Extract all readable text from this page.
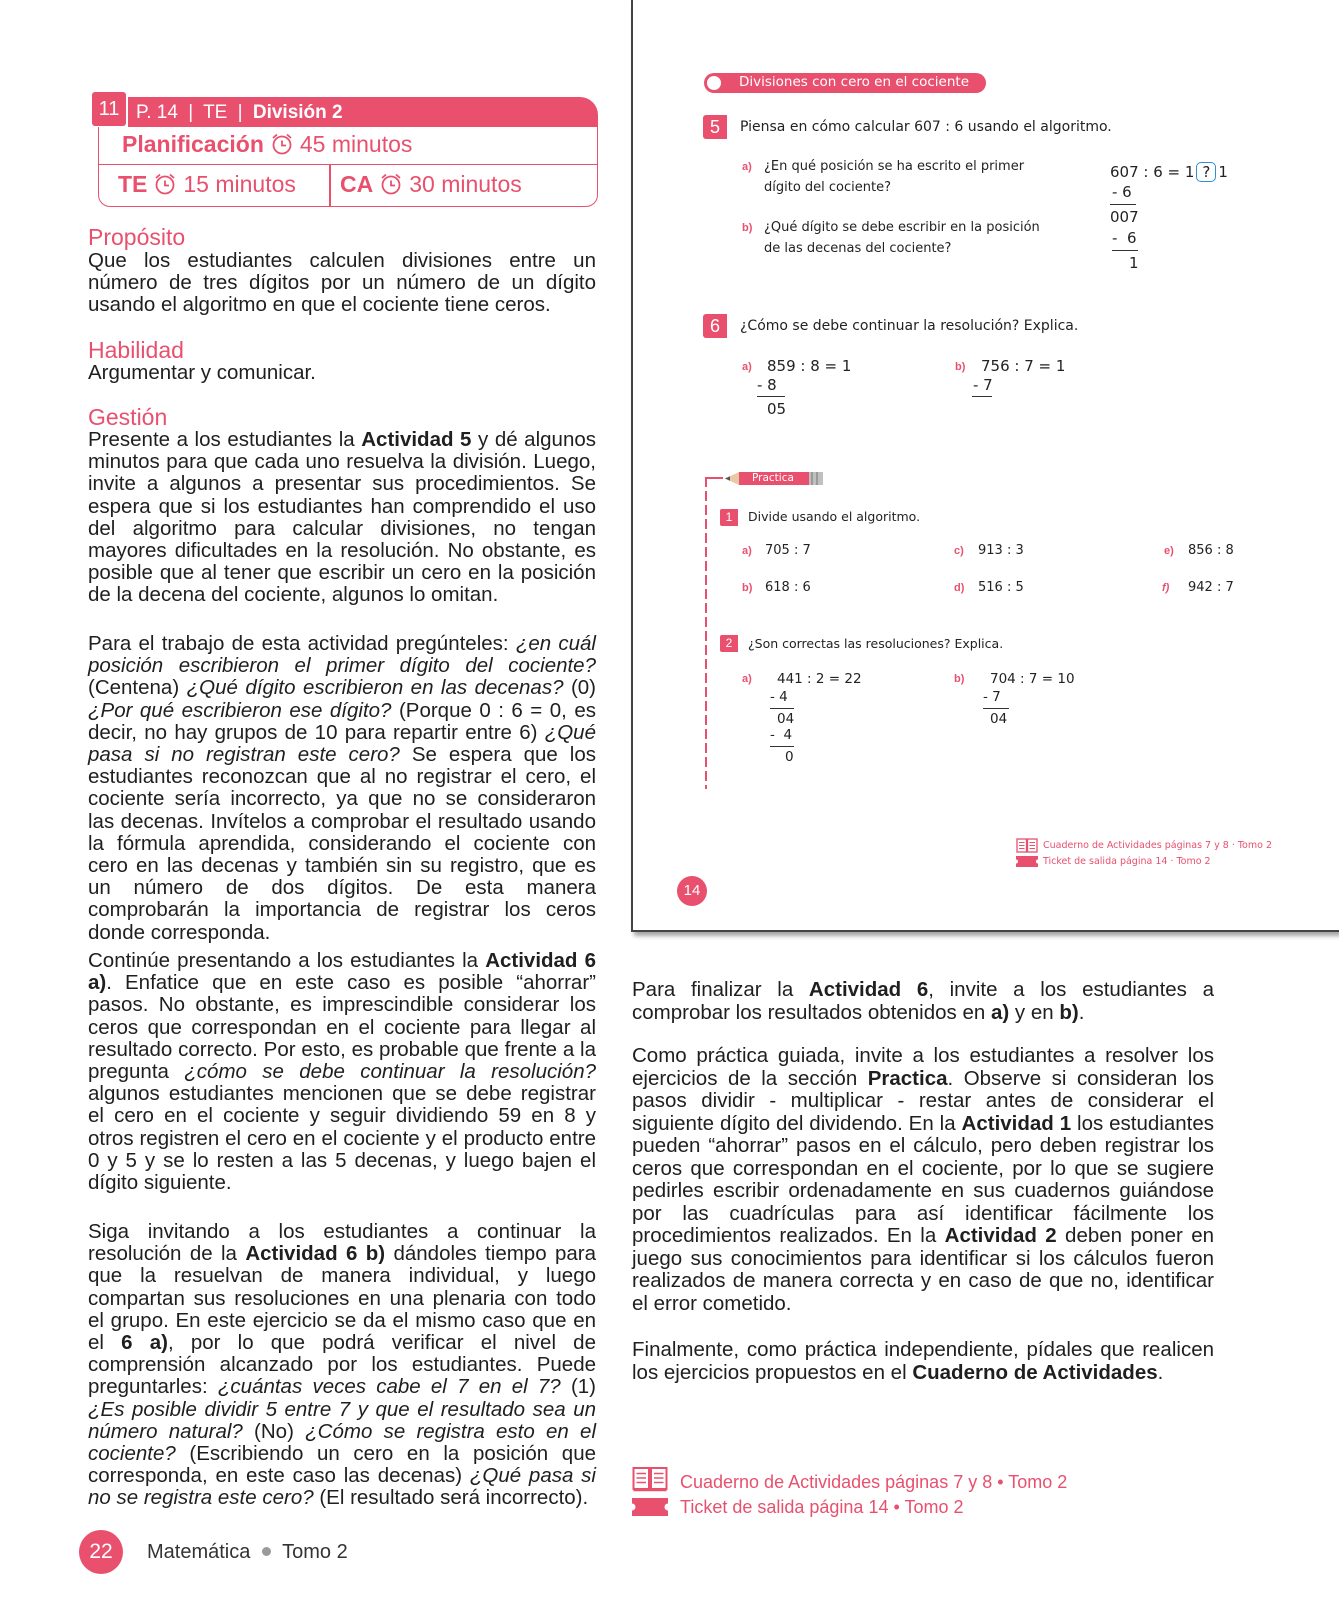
11 P. 14 | TE | División 2
Planificación 45 minutos
TE 15 minutos CA 30 minutos
Propósito

Que los estudiantes calculen divisiones entre un número de tres dígitos por un número de un dígito usando el algoritmo en que el cociente tiene ceros.

Habilidad

Argumentar y comunicar.

Gestión

Presente a los estudiantes la Actividad 5 y dé algunos minutos para que cada uno resuelva la división. Luego, invite a algunos a presentar sus procedimientos. Se espera que si los estudiantes han comprendido el uso del algoritmo para calcular divisiones, no tengan mayores dificultades en la resolución. No obstante, es posible que al tener que escribir un cero en la posición de la decena del cociente, algunos lo omitan.

Para el trabajo de esta actividad pregúnteles: ¿en cuál posición escribieron el primer dígito del cociente? (Centena) ¿Qué dígito escribieron en las decenas? (0) ¿Por qué escribieron ese dígito? (Porque 0 : 6 = 0, es decir, no hay grupos de 10 para repartir entre 6) ¿Qué pasa si no registran este cero? Se espera que los estudiantes reconozcan que al no registrar el cero, el cociente sería incorrecto, ya que no se consideraron las decenas. Invítelos a comprobar el resultado usando la fórmula aprendida, considerando el cociente con cero en las decenas y también sin su registro, que es un número de dos dígitos. De esta manera comprobarán la importancia de registrar los ceros donde corresponda.

Continúe presentando a los estudiantes la Actividad 6 a). Enfatice que en este caso es posible “ahorrar” pasos. No obstante, es imprescindible considerar los ceros que correspondan en el cociente para llegar al resultado correcto. Por esto, es probable que frente a la pregunta ¿cómo se debe continuar la resolución? algunos estudiantes mencionen que se debe registrar el cero en el cociente y seguir dividiendo 59 en 8 y otros registren el cero en el cociente y el producto entre 0 y 5 y se lo resten a las 5 decenas, y luego bajen el dígito siguiente.

Siga invitando a los estudiantes a continuar la resolución de la Actividad 6 b) dándoles tiempo para que la resuelvan de manera individual, y luego compartan sus resoluciones en una plenaria con todo el grupo. En este ejercicio se da el mismo caso que en el 6 a), por lo que podrá verificar el nivel de comprensión alcanzado por los estudiantes. Puede preguntarles: ¿cuántas veces cabe el 7 en el 7? (1) ¿Es posible dividir 5 entre 7 y que el resultado sea un número natural? (No) ¿Cómo se registra esto en el cociente? (Escribiendo un cero en la posición que corresponda, en este caso las decenas) ¿Qué pasa si no se registra este cero? (El resultado será incorrecto).

22	Matemática Tomo 2
Divisiones con cero en el cociente
5	Piensa en cómo calcular 607 : 6 usando el algoritmo.
a) ¿En qué posición se ha escrito el primer
dígito del cociente?
b) ¿Qué dígito se debe escribir en la posición
de las decenas del cociente?
607 : 6 = 1 ? 1
- 6
007
-  6
1
6	¿Cómo se debe continuar la resolución? Explica.
a) 859 : 8 = 1
- 8
05
b) 756 : 7 = 1
- 7
Practica
1	Divide usando el algoritmo.
a) 705 : 7	c) 913 : 3	e) 856 : 8
b) 618 : 6	d) 516 : 5	f) 942 : 7
2	¿Son correctas las resoluciones? Explica.
a) 441 : 2 = 22
- 4
04
-  4
0
b) 704 : 7 = 10
- 7
04
Cuaderno de Actividades páginas 7 y 8 · Tomo 2
Ticket de salida página 14 · Tomo 2
14

Para finalizar la Actividad 6, invite a los estudiantes a comprobar los resultados obtenidos en a) y en b).

Como práctica guiada, invite a los estudiantes a resolver los ejercicios de la sección Practica. Observe si consideran los pasos dividir - multiplicar - restar antes de considerar el siguiente dígito del dividendo. En la Actividad 1 los estudiantes pueden “ahorrar” pasos en el cálculo, pero deben registrar los ceros que correspondan en el cociente, por lo que se sugiere pedirles escribir ordenadamente en sus cuadernos guiándose por las cuadrículas para así identificar fácilmente los procedimientos realizados. En la Actividad 2 deben poner en juego sus conocimientos para identificar si los cálculos fueron realizados de manera correcta y en caso de que no, identificar el error cometido.

Finalmente, como práctica independiente, pídales que realicen los ejercicios propuestos en el Cuaderno de Actividades.

Cuaderno de Actividades páginas 7 y 8 • Tomo 2
Ticket de salida página 14 • Tomo 2
